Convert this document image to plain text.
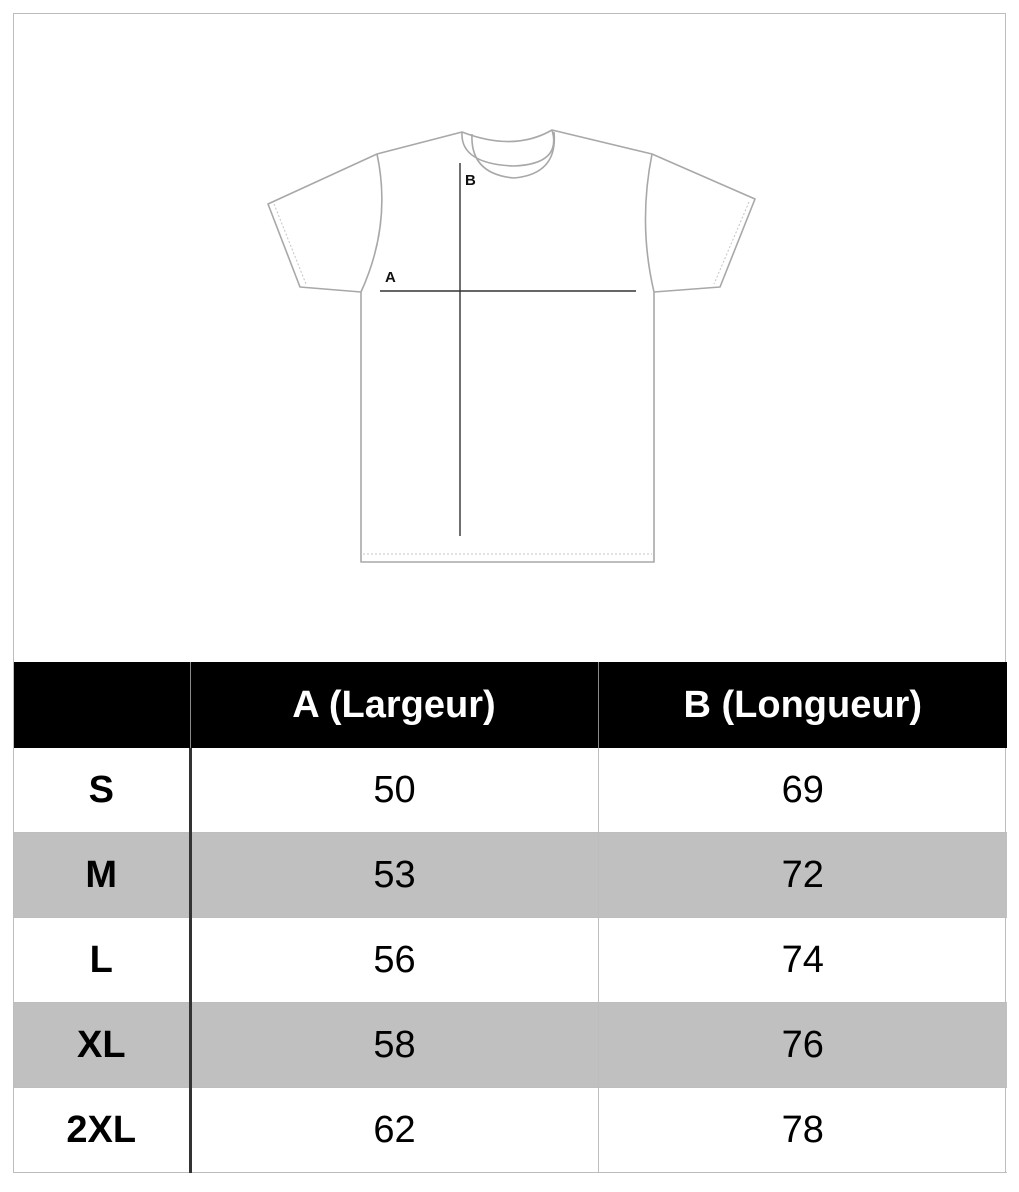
A
B
	A (Largeur)	B (Longueur)
S	50	69
M	53	72
L	56	74
XL	58	76
2XL	62	78
